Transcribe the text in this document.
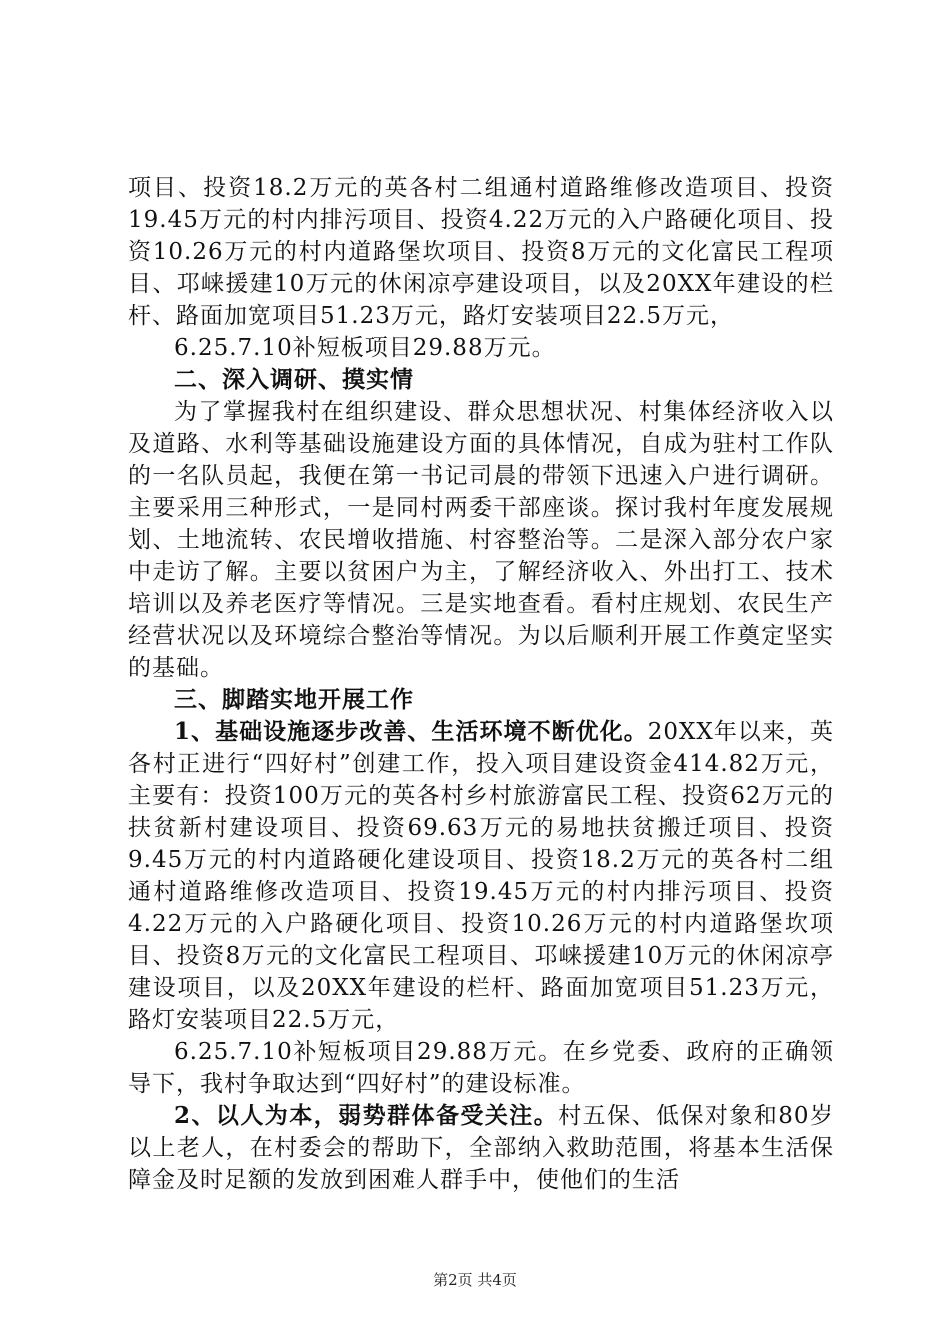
项目、投资18.2万元的英各村二组通村道路维修改造项目、投资19.45万元的村内排污项目、投资4.22万元的入户路硬化项目、投资10.26万元的村内道路堡坎项目、投资8万元的文化富民工程项目、邛崃援建10万元的休闲凉亭建设项目，以及20XX年建设的栏杆、路面加宽项目51.23万元，路灯安装项目22.5万元，

6.25.7.10补短板项目29.88万元。

二、深入调研、摸实情

为了掌握我村在组织建设、群众思想状况、村集体经济收入以及道路、水利等基础设施建设方面的具体情况，自成为驻村工作队的一名队员起，我便在第一书记司晨的带领下迅速入户进行调研。主要采用三种形式，一是同村两委干部座谈。探讨我村年度发展规划、土地流转、农民增收措施、村容整治等。二是深入部分农户家中走访了解。主要以贫困户为主，了解经济收入、外出打工、技术培训以及养老医疗等情况。三是实地查看。看村庄规划、农民生产经营状况以及环境综合整治等情况。为以后顺利开展工作奠定坚实的基础。

三、脚踏实地开展工作

1、基础设施逐步改善、生活环境不断优化。20XX年以来，英各村正进行“四好村”创建工作，投入项目建设资金414.82万元，主要有：投资100万元的英各村乡村旅游富民工程、投资62万元的扶贫新村建设项目、投资69.63万元的易地扶贫搬迁项目、投资9.45万元的村内道路硬化建设项目、投资18.2万元的英各村二组通村道路维修改造项目、投资19.45万元的村内排污项目、投资4.22万元的入户路硬化项目、投资10.26万元的村内道路堡坎项目、投资8万元的文化富民工程项目、邛崃援建10万元的休闲凉亭建设项目，以及20XX年建设的栏杆、路面加宽项目51.23万元，路灯安装项目22.5万元，

6.25.7.10补短板项目29.88万元。在乡党委、政府的正确领导下，我村争取达到“四好村”的建设标准。

2、以人为本，弱势群体备受关注。村五保、低保对象和80岁以上老人，在村委会的帮助下，全部纳入救助范围，将基本生活保障金及时足额的发放到困难人群手中，使他们的生活

第2页 共4页
